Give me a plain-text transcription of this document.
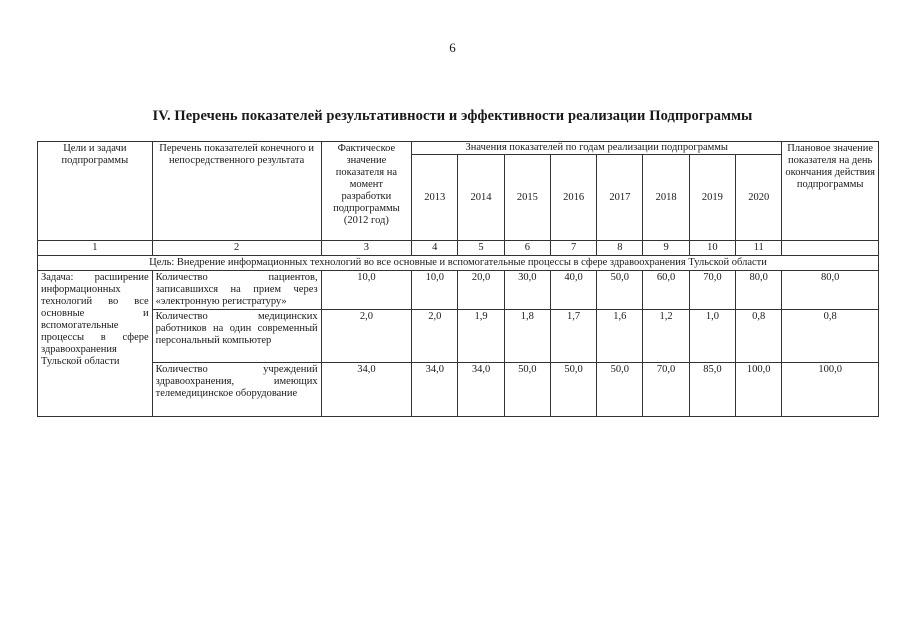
6
IV. Перечень показателей результативности и эффективности реализации Подпрограммы
Цели и задачи подпрограммы	Перечень показателей конечного и непосредственного результата	Фактическое значение показателя на момент разработки подпрограммы (2012 год)	Значения показателей по годам реализации подпрограммы								Плановое значение показателя на день окончания действия подпрограммы
			2013	2014	2015	2016	2017	2018	2019	2020	
1	2	3	4	5	6	7	8	9	10	11	
Цель: Внедрение информационных технологий во все основные и вспомогательные процессы в сфере здравоохранения Тульской области											
Задача: расширение информационных технологий во все основные и вспомогательные процессы в сфере здравоохранения Тульской области	Количество пациентов, записавшихся на прием через «электронную регистратуру»	10,0	10,0	20,0	30,0	40,0	50,0	60,0	70,0	80,0	80,0
	Количество медицинских работников на один современный персональный компьютер	2,0	2,0	1,9	1,8	1,7	1,6	1,2	1,0	0,8	0,8
	Количество учреждений здравоохранения, имеющих телемедицинское оборудование	34,0	34,0	34,0	50,0	50,0	50,0	70,0	85,0	100,0	100,0
